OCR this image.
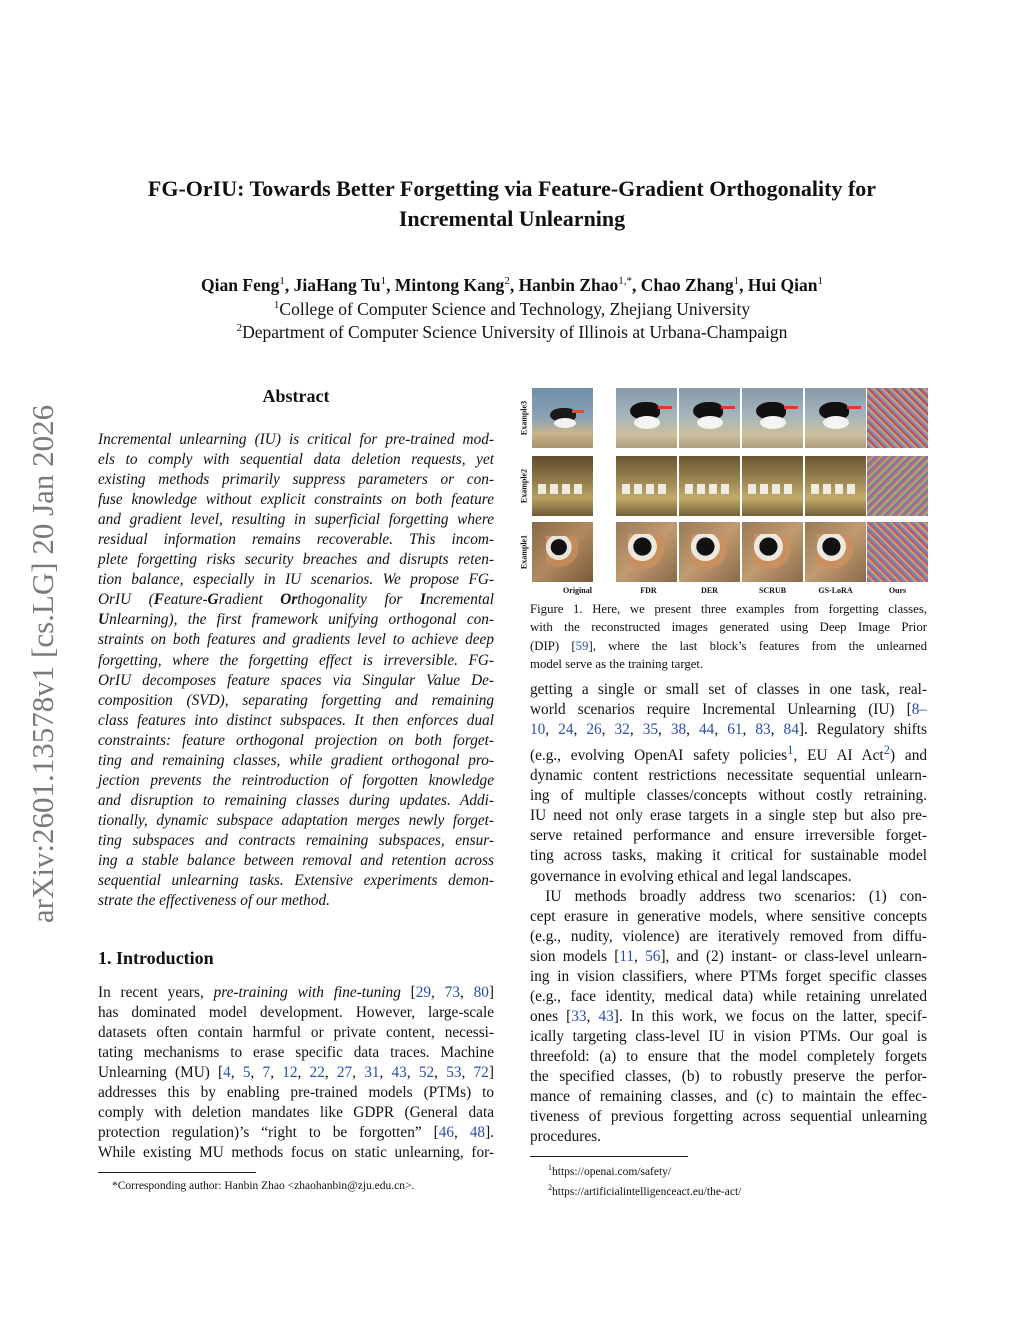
arXiv:2601.13578v1 [cs.LG] 20 Jan 2026
FG-OrIU: Towards Better Forgetting via Feature-Gradient Orthogonality for
Incremental Unlearning
Qian Feng$^1$, JiaHang Tu$^1$, Mintong Kang$^2$, Hanbin Zhao$^{1,*}$, Chao Zhang$^1$, Hui Qian$^1$
$^1$College of Computer Science and Technology, Zhejiang University
$^2$Department of Computer Science University of Illinois at Urbana-Champaign
Abstract

Incremental unlearning (IU) is critical for pre-trained mod-

els to comply with sequential data deletion requests, yet

existing methods primarily suppress parameters or con-

fuse knowledge without explicit constraints on both feature

and gradient level, resulting in superficial forgetting where

residual information remains recoverable. This incom-

plete forgetting risks security breaches and disrupts reten-

tion balance, especially in IU scenarios. We propose FG-

OrIU (Feature-Gradient Orthogonality for Incremental

Unlearning), the first framework unifying orthogonal con-

straints on both features and gradients level to achieve deep

forgetting, where the forgetting effect is irreversible. FG-

OrIU decomposes feature spaces via Singular Value De-

composition (SVD), separating forgetting and remaining

class features into distinct subspaces. It then enforces dual

constraints: feature orthogonal projection on both forget-

ting and remaining classes, while gradient orthogonal pro-

jection prevents the reintroduction of forgotten knowledge

and disruption to remaining classes during updates. Addi-

tionally, dynamic subspace adaptation merges newly forget-

ting subspaces and contracts remaining subspaces, ensur-

ing a stable balance between removal and retention across

sequential unlearning tasks. Extensive experiments demon-

strate the effectiveness of our method.

1. Introduction

In recent years, pre-training with fine-tuning [29, 73, 80]

has dominated model development. However, large-scale

datasets often contain harmful or private content, necessi-

tating mechanisms to erase specific data traces. Machine

Unlearning (MU) [4, 5, 7, 12, 22, 27, 31, 43, 52, 53, 72]

addresses this by enabling pre-trained models (PTMs) to

comply with deletion mandates like GDPR (General data

protection regulation)’s “right to be forgotten” [46, 48].

While existing MU methods focus on static unlearning, for-

*Corresponding author: Hanbin Zhao <zhaohanbin@zju.edu.cn>.
Example3
Example2
Example1
Original	FDR	DER	SCRUB	GS-LoRA	Ours
Figure 1. Here, we present three examples from forgetting classes,
with the reconstructed images generated using Deep Image Prior
(DIP) [59], where the last block’s features from the unlearned
model serve as the training target.

getting a single or small set of classes in one task, real-

world scenarios require Incremental Unlearning (IU) [8–

10, 24, 26, 32, 35, 38, 44, 61, 83, 84]. Regulatory shifts

(e.g., evolving OpenAI safety policies$^1$, EU AI Act$^2$) and

dynamic content restrictions necessitate sequential unlearn-

ing of multiple classes/concepts without costly retraining.

IU need not only erase targets in a single step but also pre-

serve retained performance and ensure irreversible forget-

ting across tasks, making it critical for sustainable model

governance in evolving ethical and legal landscapes.

 IU methods broadly address two scenarios: (1) con-

cept erasure in generative models, where sensitive concepts

(e.g., nudity, violence) are iteratively removed from diffu-

sion models [11, 56], and (2) instant- or class-level unlearn-

ing in vision classifiers, where PTMs forget specific classes

(e.g., face identity, medical data) while retaining unrelated

ones [33, 43]. In this work, we focus on the latter, specif-

ically targeting class-level IU in vision PTMs. Our goal is

threefold: (a) to ensure that the model completely forgets

the specified classes, (b) to robustly preserve the perfor-

mance of remaining classes, and (c) to maintain the effec-

tiveness of previous forgetting across sequential unlearning

procedures.

$^1$https://openai.com/safety/
$^2$https://artificialintelligenceact.eu/the-act/
